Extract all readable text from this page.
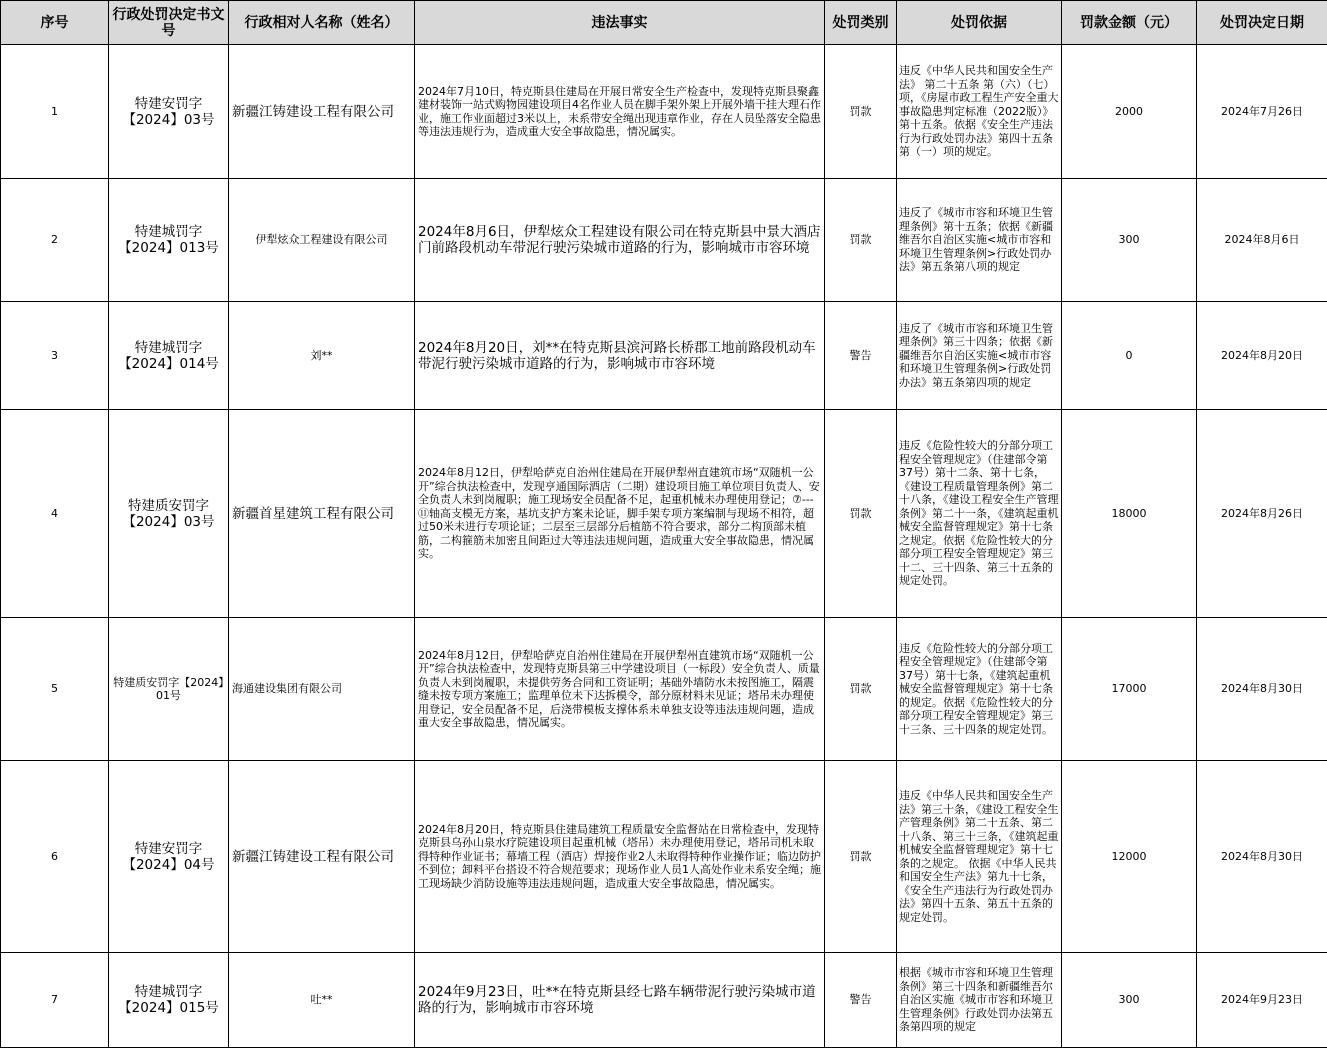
序号	行政处罚决定书文号	行政相对人名称（姓名）	违法事实	处罚类别	处罚依据	罚款金额（元）	处罚决定日期
1	特建安罚字【2024】03号	新疆江铸建设工程有限公司	2024年7月10日，特克斯县住建局在开展日常安全生产检查中，发现特克斯县聚鑫建材装饰一站式购物园建设项目4名作业人员在脚手架外架上开展外墙干挂大理石作业，施工作业面超过3米以上，未系带安全绳出现违章作业，存在人员坠落安全隐患等违法违规行为，造成重大安全事故隐患，情况属实。	罚款	违反《中华人民共和国安全生产法》 第二十五条 第（六）（七）项，《房屋市政工程生产安全重大事故隐患判定标准（2022版）》第十五条。依据《安全生产违法行为行政处罚办法》第四十五条第（一）项的规定。	2000	2024年7月26日
2	特建城罚字【2024】013号	伊犁炫众工程建设有限公司	2024年8月6日，伊犁炫众工程建设有限公司在特克斯县中景大酒店门前路段机动车带泥行驶污染城市道路的行为，影响城市市容环境	罚款	违反了《城市市容和环境卫生管理条例》第十五条；依据《新疆维吾尔自治区实施<城市市容和环境卫生管理条例>行政处罚办法》第五条第八项的规定	300	2024年8月6日
3	特建城罚字【2024】014号	刘**	2024年8月20日，刘**在特克斯县滨河路长桥郡工地前路段机动车带泥行驶污染城市道路的行为，影响城市市容环境	警告	违反了《城市市容和环境卫生管理条例》第三十四条；依据《新疆维吾尔自治区实施<城市市容和环境卫生管理条例>行政处罚办法》第五条第四项的规定	0	2024年8月20日
4	特建质安罚字【2024】03号	新疆首星建筑工程有限公司	2024年8月12日，伊犁哈萨克自治州住建局在开展伊犁州直建筑市场“双随机一公开”综合执法检查中，发现亨通国际酒店（二期）建设项目施工单位项目负责人、安全负责人未到岗履职；施工现场安全员配备不足，起重机械未办理使用登记；⑦---⑪轴高支模无方案，基坑支护方案未论证，脚手架专项方案编制与现场不相符，超过50米未进行专项论证；二层至三层部分后植筋不符合要求，部分二构顶部未植筋，二构箍筋未加密且间距过大等违法违规问题，造成重大安全事故隐患，情况属实。	罚款	违反《危险性较大的分部分项工程安全管理规定》（住建部令第37号）第十二条、第十七条，《建设工程质量管理条例》第二十八条，《建设工程安全生产管理条例》第二十一条，《建筑起重机械安全监督管理规定》第十七条之规定。依据《危险性较大的分部分项工程安全管理规定》第三十二、三十四条、第三十五条的规定处罚。	18000	2024年8月26日
5	特建质安罚字【2024】01号	海通建设集团有限公司	2024年8月12日，伊犁哈萨克自治州住建局在开展伊犁州直建筑市场“双随机一公开”综合执法检查中，发现特克斯县第三中学建设项目（一标段）安全负责人、质量负责人未到岗履职，未提供劳务合同和工资证明；基础外墙防水未按图施工，隔震缝未按专项方案施工；监理单位未下达拆模令，部分原材料未见证；塔吊未办理使用登记，安全员配备不足，后浇带模板支撑体系未单独支设等违法违规问题，造成重大安全事故隐患，情况属实。	罚款	违反《危险性较大的分部分项工程安全管理规定》（住建部令第37号）第十七条，《建筑起重机械安全监督管理规定》第十七条的规定。依据《危险性较大的分部分项工程安全管理规定》第三十三条、三十四条的规定处罚。	17000	2024年8月30日
6	特建安罚字【2024】04号	新疆江铸建设工程有限公司	2024年8月20日，特克斯县住建局建筑工程质量安全监督站在日常检查中，发现特克斯县乌孙山泉水疗院建设项目起重机械（塔吊）未办理使用登记，塔吊司机未取得特种作业证书；幕墙工程（酒店）焊接作业2人未取得特种作业操作证；临边防护不到位；卸料平台搭设不符合规范要求；现场作业人员1人高处作业未系安全绳；施工现场缺少消防设施等违法违规问题，造成重大安全事故隐患，情况属实。	罚款	违反《中华人民共和国安全生产法》第三十条，《建设工程安全生产管理条例》第二十五条、第二十八条、第三十三条，《建筑起重机械安全监督管理规定》第十七条的之规定。 依据《中华人民共和国安全生产法》第九十七条，《安全生产违法行为行政处罚办法》第四十五条、第五十五条的规定处罚。	12000	2024年8月30日
7	特建城罚字【2024】015号	吐**	2024年9月23日，吐**在特克斯县经七路车辆带泥行驶污染城市道路的行为，影响城市市容环境	警告	根据《城市市容和环境卫生管理条例》第三十四条和新疆维吾尔自治区实施《城市市容和环境卫生管理条例》行政处罚办法第五条第四项的规定	300	2024年9月23日
